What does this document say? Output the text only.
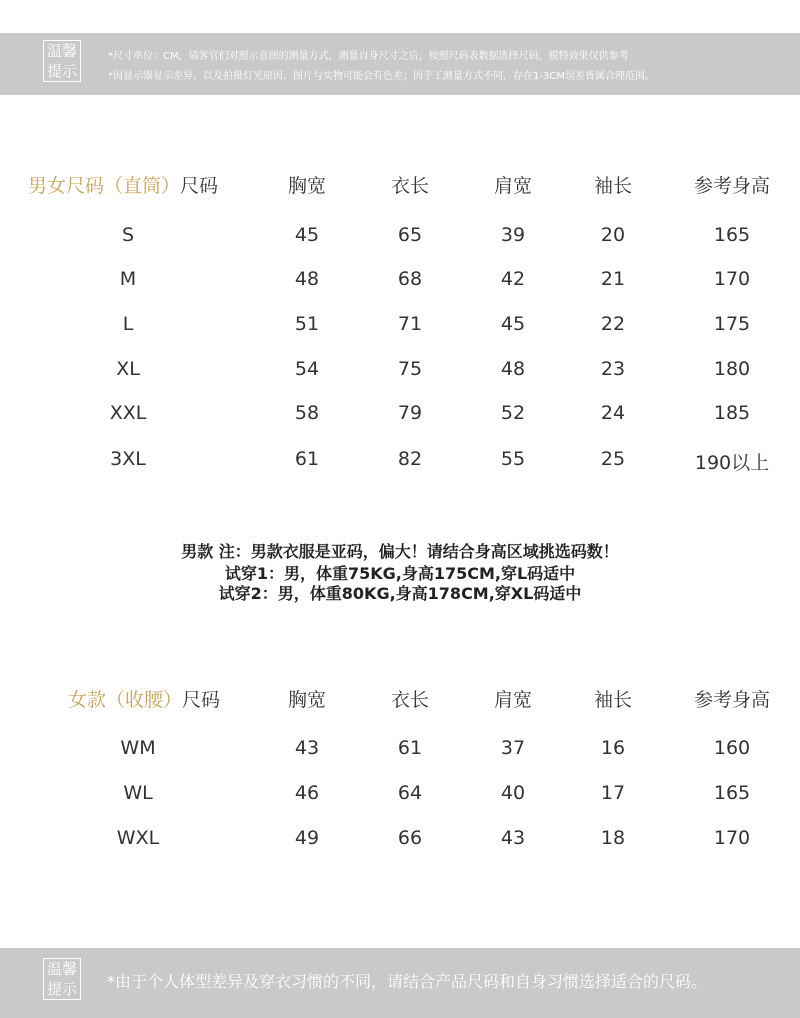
温馨
提示
*尺寸单位：CM，请客官们对照示意图的测量方式，测量自身尺寸之后，按照尺码表数据选择尺码，模特效果仅供参考
*因显示器显示差异，以及拍摄灯光原因，图片与实物可能会有色差；因手工测量方式不同，存在1-3CM误差皆属合理范围。
男女尺码（直筒）尺码	胸宽	衣长	肩宽	袖长	参考身高
S	45	65	39	20	165
M	48	68	42	21	170
L	51	71	45	22	175
XL	54	75	48	23	180
XXL	58	79	52	24	185
3XL	61	82	55	25	190以上
男款 注：男款衣服是亚码，偏大！请结合身高区域挑选码数！
试穿1：男，体重75KG,身高175CM,穿L码适中
试穿2：男，体重80KG,身高178CM,穿XL码适中
女款（收腰）尺码	胸宽	衣长	肩宽	袖长	参考身高
WM	43	61	37	16	160
WL	46	64	40	17	165
WXL	49	66	43	18	170
温馨
提示 *由于个人体型差异及穿衣习惯的不同，请结合产品尺码和自身习惯选择适合的尺码。
